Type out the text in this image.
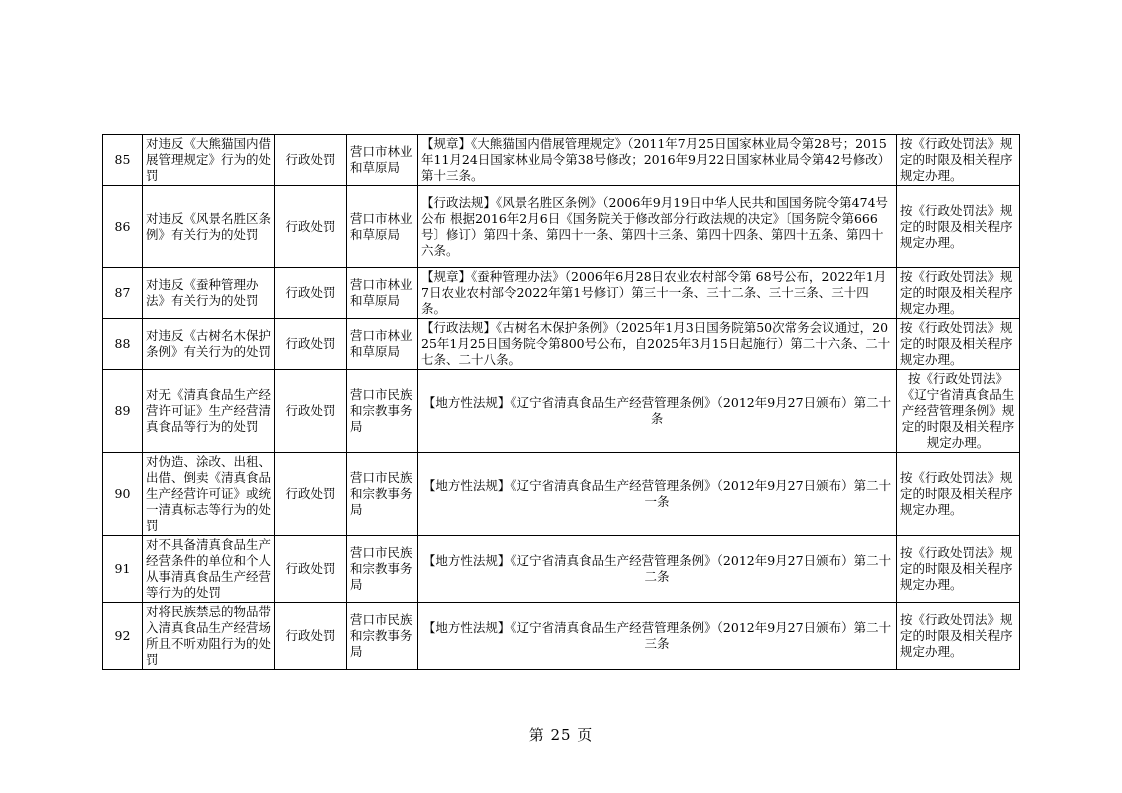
85	对违反《大熊猫国内借展管理规定》行为的处罚	行政处罚	营口市林业和草原局	【规章】《大熊猫国内借展管理规定》（2011年7月25日国家林业局令第28号；2015年11月24日国家林业局令第38号修改；2016年9月22日国家林业局令第42号修改）第十三条。	按《行政处罚法》规定的时限及相关程序规定办理。
86	对违反《风景名胜区条例》有关行为的处罚	行政处罚	营口市林业和草原局	【行政法规】《风景名胜区条例》（2006年9月19日中华人民共和国国务院令第474号公布 根据2016年2月6日《国务院关于修改部分行政法规的决定》〔国务院令第666号〕修订）第四十条、第四十一条、第四十三条、第四十四条、第四十五条、第四十六条。	按《行政处罚法》规定的时限及相关程序规定办理。
87	对违反《蚕种管理办法》有关行为的处罚	行政处罚	营口市林业和草原局	【规章】《蚕种管理办法》（2006年6月28日农业农村部令第 68号公布，2022年1月7日农业农村部令2022年第1号修订）第三十一条、三十二条、三十三条、三十四条。	按《行政处罚法》规定的时限及相关程序规定办理。
88	对违反《古树名木保护条例》有关行为的处罚	行政处罚	营口市林业和草原局	【行政法规】《古树名木保护条例》（2025年1月3日国务院第50次常务会议通过，2025年1月25日国务院令第800号公布，自2025年3月15日起施行）第二十六条、二十七条、二十八条。	按《行政处罚法》规定的时限及相关程序规定办理。
89	对无《清真食品生产经营许可证》生产经营清真食品等行为的处罚	行政处罚	营口市民族和宗教事务局	【地方性法规】《辽宁省清真食品生产经营管理条例》（2012年9月27日颁布）第二十条	按《行政处罚法》《辽宁省清真食品生产经营管理条例》规定的时限及相关程序规定办理。
90	对伪造、涂改、出租、出借、倒卖《清真食品生产经营许可证》或统一清真标志等行为的处罚	行政处罚	营口市民族和宗教事务局	【地方性法规】《辽宁省清真食品生产经营管理条例》（2012年9月27日颁布）第二十一条	按《行政处罚法》规定的时限及相关程序规定办理。
91	对不具备清真食品生产经营条件的单位和个人从事清真食品生产经营等行为的处罚	行政处罚	营口市民族和宗教事务局	【地方性法规】《辽宁省清真食品生产经营管理条例》（2012年9月27日颁布）第二十二条	按《行政处罚法》规定的时限及相关程序规定办理。
92	对将民族禁忌的物品带入清真食品生产经营场所且不听劝阻行为的处罚	行政处罚	营口市民族和宗教事务局	【地方性法规】《辽宁省清真食品生产经营管理条例》（2012年9月27日颁布）第二十三条	按《行政处罚法》规定的时限及相关程序规定办理。
第 25 页
